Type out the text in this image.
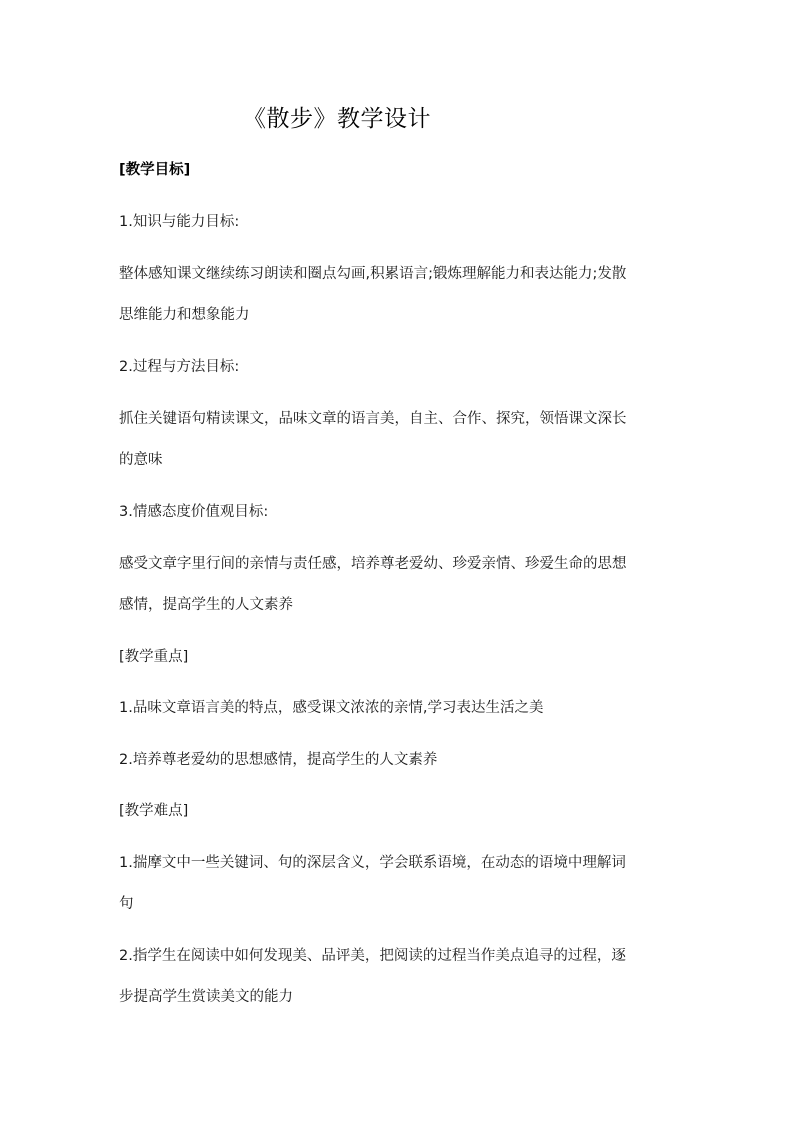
《散步》教学设计
[教学目标]
1.知识与能力目标:
整体感知课文继续练习朗读和圈点勾画,积累语言;锻炼理解能力和表达能力;发散
思维能力和想象能力
2.过程与方法目标:
抓住关键语句精读课文，品味文章的语言美，自主、合作、探究，领悟课文深长
的意味
3.情感态度价值观目标:
感受文章字里行间的亲情与责任感，培养尊老爱幼、珍爱亲情、珍爱生命的思想
感情，提高学生的人文素养
[教学重点]
1.品味文章语言美的特点，感受课文浓浓的亲情,学习表达生活之美
2.培养尊老爱幼的思想感情，提高学生的人文素养
[教学难点]
1.揣摩文中一些关键词、句的深层含义，学会联系语境，在动态的语境中理解词
句
2.指学生在阅读中如何发现美、品评美，把阅读的过程当作美点追寻的过程，逐
步提高学生赏读美文的能力
